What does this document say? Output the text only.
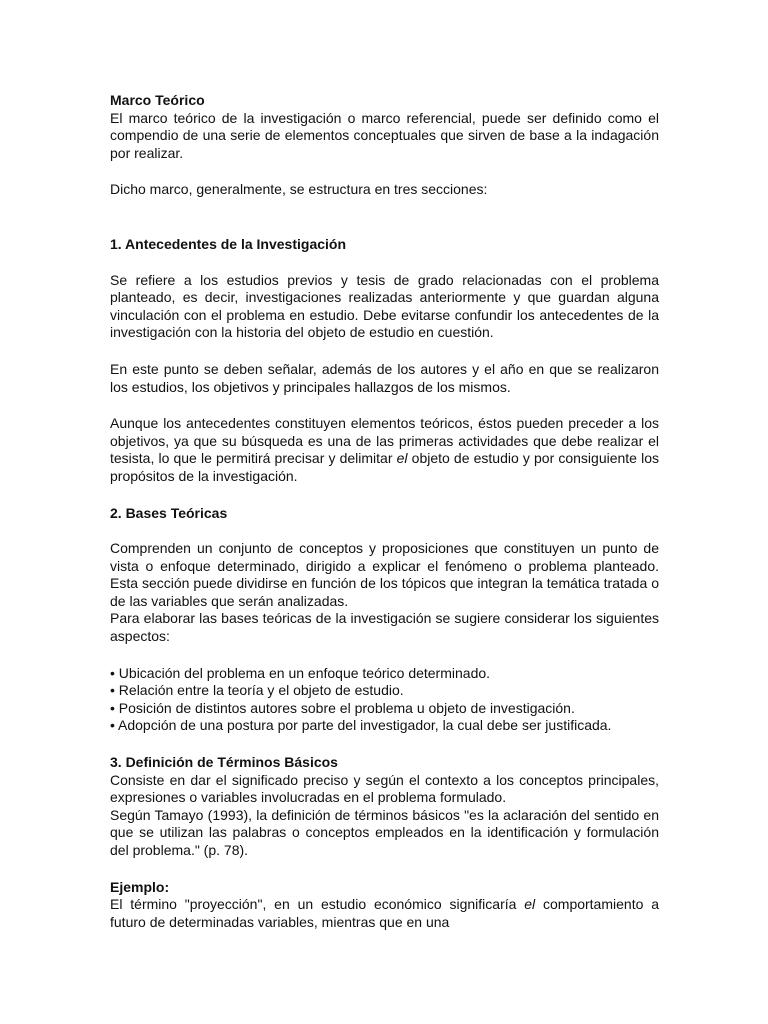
Marco Teórico

El marco teórico de la investigación o marco referencial, puede ser definido como el compendio de una serie de elementos conceptuales que sirven de base a la indagación por realizar.

Dicho marco, generalmente, se estructura en tres secciones:

1. Antecedentes de la Investigación

Se refiere a los estudios previos y tesis de grado relacionadas con el problema planteado, es decir, investigaciones realizadas anteriormente y que guardan alguna vinculación con el problema en estudio. Debe evitarse confundir los antecedentes de la investigación con la historia del objeto de estudio en cuestión.

En este punto se deben señalar, además de los autores y el año en que se realizaron los estudios, los objetivos y principales hallazgos de los mismos.

Aunque los antecedentes constituyen elementos teóricos, éstos pueden preceder a los objetivos, ya que su búsqueda es una de las primeras actividades que debe realizar el tesista, lo que le permitirá precisar y delimitar el objeto de estudio y por consiguiente los propósitos de la investigación.

2. Bases Teóricas

Comprenden un conjunto de conceptos y proposiciones que constituyen un punto de vista o enfoque determinado, dirigido a explicar el fenómeno o problema planteado. Esta sección puede dividirse en función de los tópicos que integran la temática tratada o de las variables que serán analizadas.

Para elaborar las bases teóricas de la investigación se sugiere considerar los siguientes aspectos:

• Ubicación del problema en un enfoque teórico determinado.
• Relación entre la teoría y el objeto de estudio.
• Posición de distintos autores sobre el problema u objeto de investigación.
• Adopción de una postura por parte del investigador, la cual debe ser justificada.
3. Definición de Términos Básicos

Consiste en dar el significado preciso y según el contexto a los conceptos principales, expresiones o variables involucradas en el problema formulado.

Según Tamayo (1993), la definición de términos básicos "es la aclaración del sentido en que se utilizan las palabras o conceptos empleados en la identificación y formulación del problema." (p. 78).

Ejemplo:

El término "proyección", en un estudio económico significaría el comportamiento a futuro de determinadas variables, mientras que en una
